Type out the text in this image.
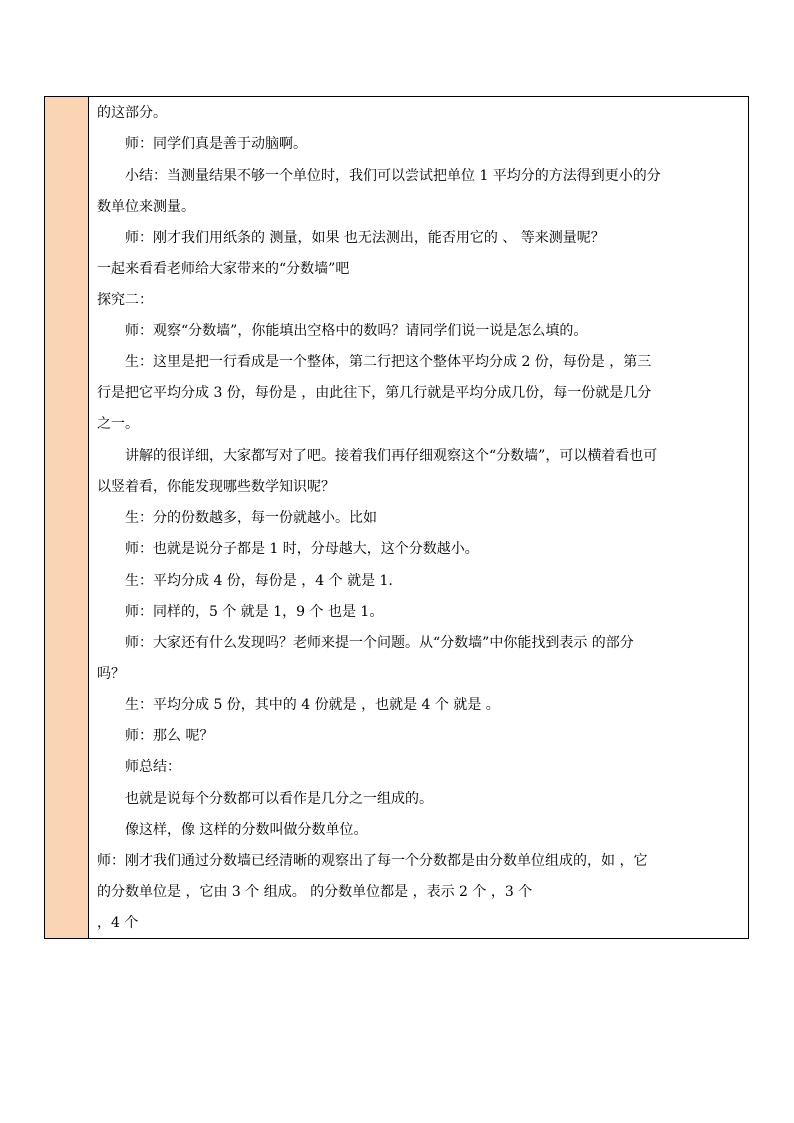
的这部分。
师：同学们真是善于动脑啊。
小结：当测量结果不够一个单位时，我们可以尝试把单位 1 平均分的方法得到更小的分
数单位来测量。
师：刚才我们用纸条的 测量，如果 也无法测出，能否用它的 、 等来测量呢？
一起来看看老师给大家带来的“分数墙”吧
探究二：
师：观察“分数墙”，你能填出空格中的数吗？请同学们说一说是怎么填的。
生：这里是把一行看成是一个整体，第二行把这个整体平均分成 2 份，每份是 ，第三
行是把它平均分成 3 份，每份是 ，由此往下，第几行就是平均分成几份，每一份就是几分
之一。
讲解的很详细，大家都写对了吧。接着我们再仔细观察这个“分数墙”，可以横着看也可
以竖着看，你能发现哪些数学知识呢？
生：分的份数越多，每一份就越小。比如
师：也就是说分子都是 1 时，分母越大，这个分数越小。
生：平均分成 4 份，每份是 ，4 个 就是 1.
师：同样的，5 个 就是 1，9 个 也是 1。
师：大家还有什么发现吗？老师来提一个问题。从“分数墙”中你能找到表示 的部分
吗？
生：平均分成 5 份，其中的 4 份就是 ，也就是 4 个 就是 。
师：那么 呢？
师总结：
也就是说每个分数都可以看作是几分之一组成的。
像这样，像 这样的分数叫做分数单位。
师：刚才我们通过分数墙已经清晰的观察出了每一个分数都是由分数单位组成的，如 ，它
的分数单位是 ，它由 3 个 组成。 的分数单位都是 ，表示 2 个 ，3 个
，4 个
